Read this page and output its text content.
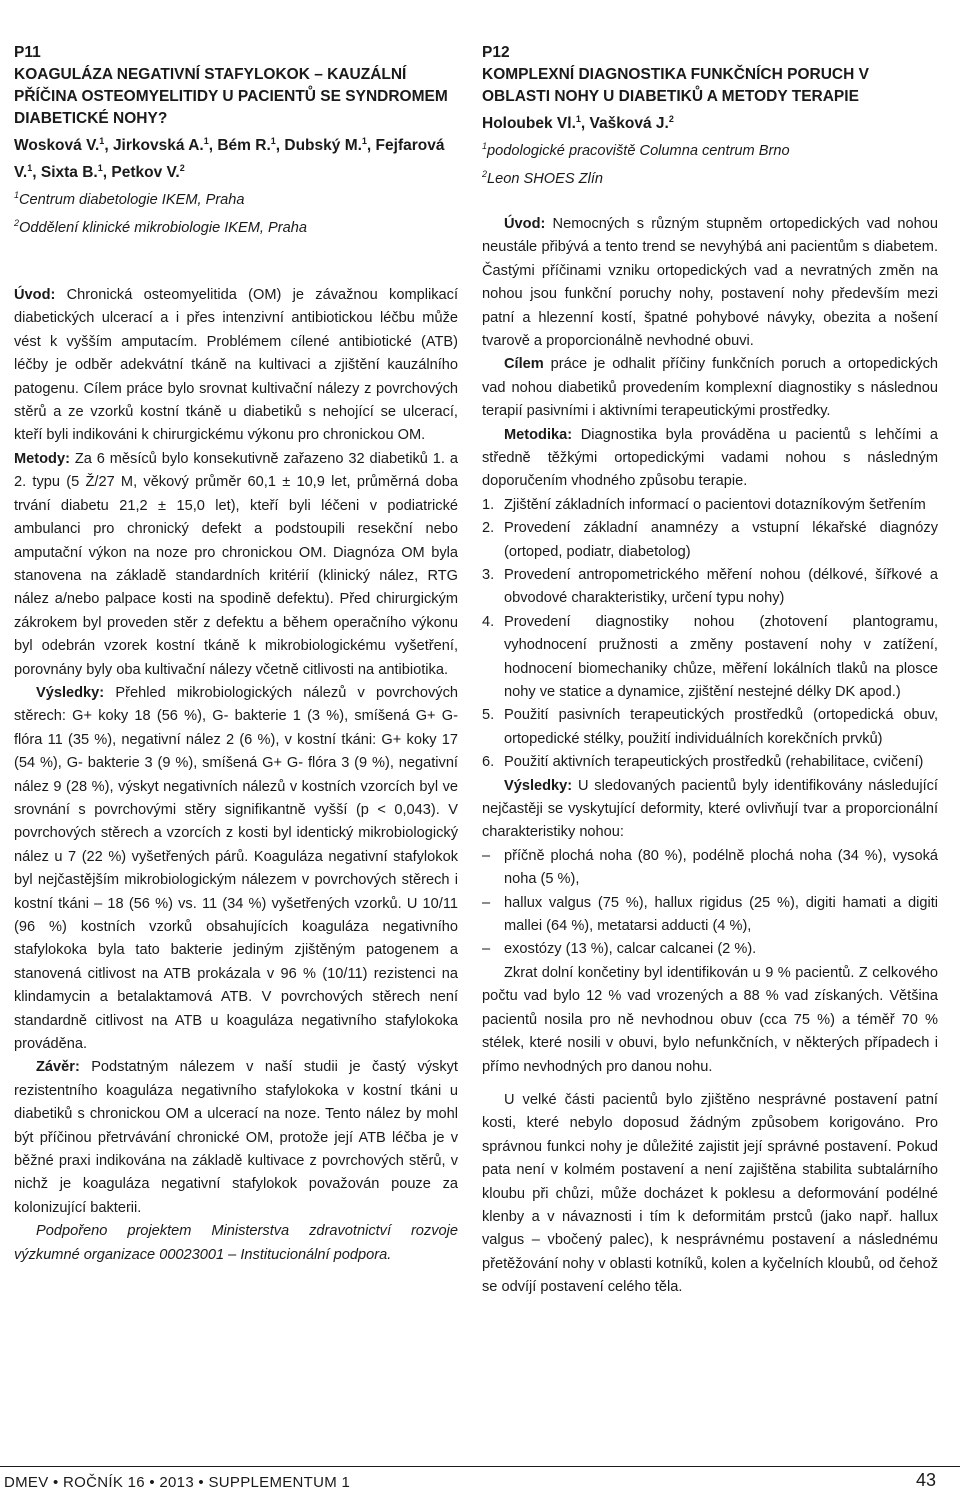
P11

KOAGULÁZA NEGATIVNÍ STAFYLOKOK – KAUZÁLNÍ PŘÍČINA OSTEOMYELITIDY U PACIENTŮ SE SYNDROMEM DIABETICKÉ NOHY?

Wosková V.$^1$, Jirkovská A.$^1$, Bém R.$^1$, Dubský M.$^1$, Fejfarová V.$^1$, Sixta B.$^1$, Petkov V.$^2$

$^1$Centrum diabetologie IKEM, Praha

$^2$Oddělení klinické mikrobiologie IKEM, Praha

Úvod: Chronická osteomyelitida (OM) je závažnou komplikací diabetických ulcerací a i přes intenzivní antibiotickou léčbu může vést k vyšším amputacím. Problémem cílené antibiotické (ATB) léčby je odběr adekvátní tkáně na kultivaci a zjištění kauzálního patogenu. Cílem práce bylo srovnat kultivační nálezy z povrchových stěrů a ze vzorků kostní tkáně u diabetiků s nehojící se ulcerací, kteří byli indikováni k chirurgickému výkonu pro chronickou OM.

Metody: Za 6 měsíců bylo konsekutivně zařazeno 32 diabetiků 1. a 2. typu (5 Ž/27 M, věkový průměr 60,1 ± 10,9 let, průměrná doba trvání diabetu 21,2 ± 15,0 let), kteří byli léčeni v podiatrické ambulanci pro chronický defekt a podstoupili resekční nebo amputační výkon na noze pro chronickou OM. Diagnóza OM byla stanovena na základě standardních kritérií (klinický nález, RTG nález a/nebo palpace kosti na spodině defektu). Před chirurgickým zákrokem byl proveden stěr z defektu a během operačního výkonu byl odebrán vzorek kostní tkáně k mikrobiologickému vyšetření, porovnány byly oba kultivační nálezy včetně citlivosti na antibiotika.

Výsledky: Přehled mikrobiologických nálezů v povrchových stěrech: G+ koky 18 (56 %), G- bakterie 1 (3 %), smíšená G+ G- flóra 11 (35 %), negativní nález 2 (6 %), v kostní tkáni: G+ koky 17 (54 %), G- bakterie 3 (9 %), smíšená G+ G- flóra 3 (9 %), negativní nález 9 (28 %), výskyt negativních nálezů v kostních vzorcích byl ve srovnání s povrchovými stěry signifikantně vyšší (p < 0,043). V povrchových stěrech a vzorcích z kosti byl identický mikrobiologický nález u 7 (22 %) vyšetřených párů. Koaguláza negativní stafylokok byl nejčastějším mikrobiologickým nálezem v povrchových stěrech i kostní tkáni – 18 (56 %) vs. 11 (34 %) vyšetřených vzorků. U 10/11 (96 %) kostních vzorků obsahujících koaguláza negativního stafylokoka byla tato bakterie jediným zjištěným patogenem a stanovená citlivost na ATB prokázala v 96 % (10/11) rezistenci na klindamycin a betalaktamová ATB. V povrchových stěrech není standardně citlivost na ATB u koaguláza negativního stafylokoka prováděna.

Závěr: Podstatným nálezem v naší studii je častý výskyt rezistentního koaguláza negativního stafylokoka v kostní tkáni u diabetiků s chronickou OM a ulcerací na noze. Tento nález by mohl být příčinou přetrvávání chronické OM, protože její ATB léčba je v běžné praxi indikována na základě kultivace z povrchových stěrů, v nichž je koaguláza negativní stafylokok považován pouze za kolonizující bakterii.

Podpořeno projektem Ministerstva zdravotnictví rozvoje výzkumné organizace 00023001 – Institucionální podpora.

P12

KOMPLEXNÍ DIAGNOSTIKA FUNKČNÍCH PORUCH V OBLASTI NOHY U DIABETIKŮ A METODY TERAPIE

Holoubek Vl.$^1$, Vašková J.$^2$

$^1$podologické pracoviště Columna centrum Brno

$^2$Leon SHOES Zlín

Úvod: Nemocných s různým stupněm ortopedických vad nohou neustále přibývá a tento trend se nevyhýbá ani pacientům s diabetem. Častými příčinami vzniku ortopedických vad a nevratných změn na nohou jsou funkční poruchy nohy, postavení nohy především mezi patní a hlezenní kostí, špatné pohybové návyky, obezita a nošení tvarově a proporcionálně nevhodné obuvi.

Cílem práce je odhalit příčiny funkčních poruch a ortopedických vad nohou diabetiků provedením komplexní diagnostiky s následnou terapií pasivními i aktivními terapeutickými prostředky.

Metodika: Diagnostika byla prováděna u pacientů s lehčími a středně těžkými ortopedickými vadami nohou s následným doporučením vhodného způsobu terapie.

1. Zjištění základních informací o pacientovi dotazníkovým šetřením
2. Provedení základní anamnézy a vstupní lékařské diagnózy (ortoped, podiatr, diabetolog)
3. Provedení antropometrického měření nohou (délkové, šířkové a obvodové charakteristiky, určení typu nohy)
4. Provedení diagnostiky nohou (zhotovení plantogramu, vyhodnocení pružnosti a změny postavení nohy v zatížení, hodnocení biomechaniky chůze, měření lokálních tlaků na plosce nohy ve statice a dynamice, zjištění nestejné délky DK apod.)
5. Použití pasivních terapeutických prostředků (ortopedická obuv, ortopedické stélky, použití individuálních korekčních prvků)
6. Použití aktivních terapeutických prostředků (rehabilitace, cvičení)

Výsledky: U sledovaných pacientů byly identifikovány následující nejčastěji se vyskytující deformity, které ovlivňují tvar a proporcionální charakteristiky nohou:

– příčně plochá noha (80 %), podélně plochá noha (34 %), vysoká noha (5 %),
– hallux valgus (75 %), hallux rigidus (25 %), digiti hamati a digiti mallei (64 %), metatarsi adducti (4 %),
– exostózy (13 %), calcar calcanei (2 %).

Zkrat dolní končetiny byl identifikován u 9 % pacientů. Z celkového počtu vad bylo 12 % vad vrozených a 88 % vad získaných. Většina pacientů nosila pro ně nevhodnou obuv (cca 75 %) a téměř 70 % stélek, které nosili v obuvi, bylo nefunkčních, v některých případech i přímo nevhodných pro danou nohu.

U velké části pacientů bylo zjištěno nesprávné postavení patní kosti, které nebylo doposud žádným způsobem korigováno. Pro správnou funkci nohy je důležité zajistit její správné postavení. Pokud pata není v kolmém postavení a není zajištěna stabilita subtalárního kloubu při chůzi, může docházet k poklesu a deformování podélné klenby a v návaznosti i tím k deformitám prstců (jako např. hallux valgus – vbočený palec), k nesprávnému postavení a následnému přetěžování nohy v oblasti kotníků, kolen a kyčelních kloubů, od čehož se odvíjí postavení celého těla.

DMEV • ROČNÍK 16 • 2013 • SUPPLEMENTUM 1	43
